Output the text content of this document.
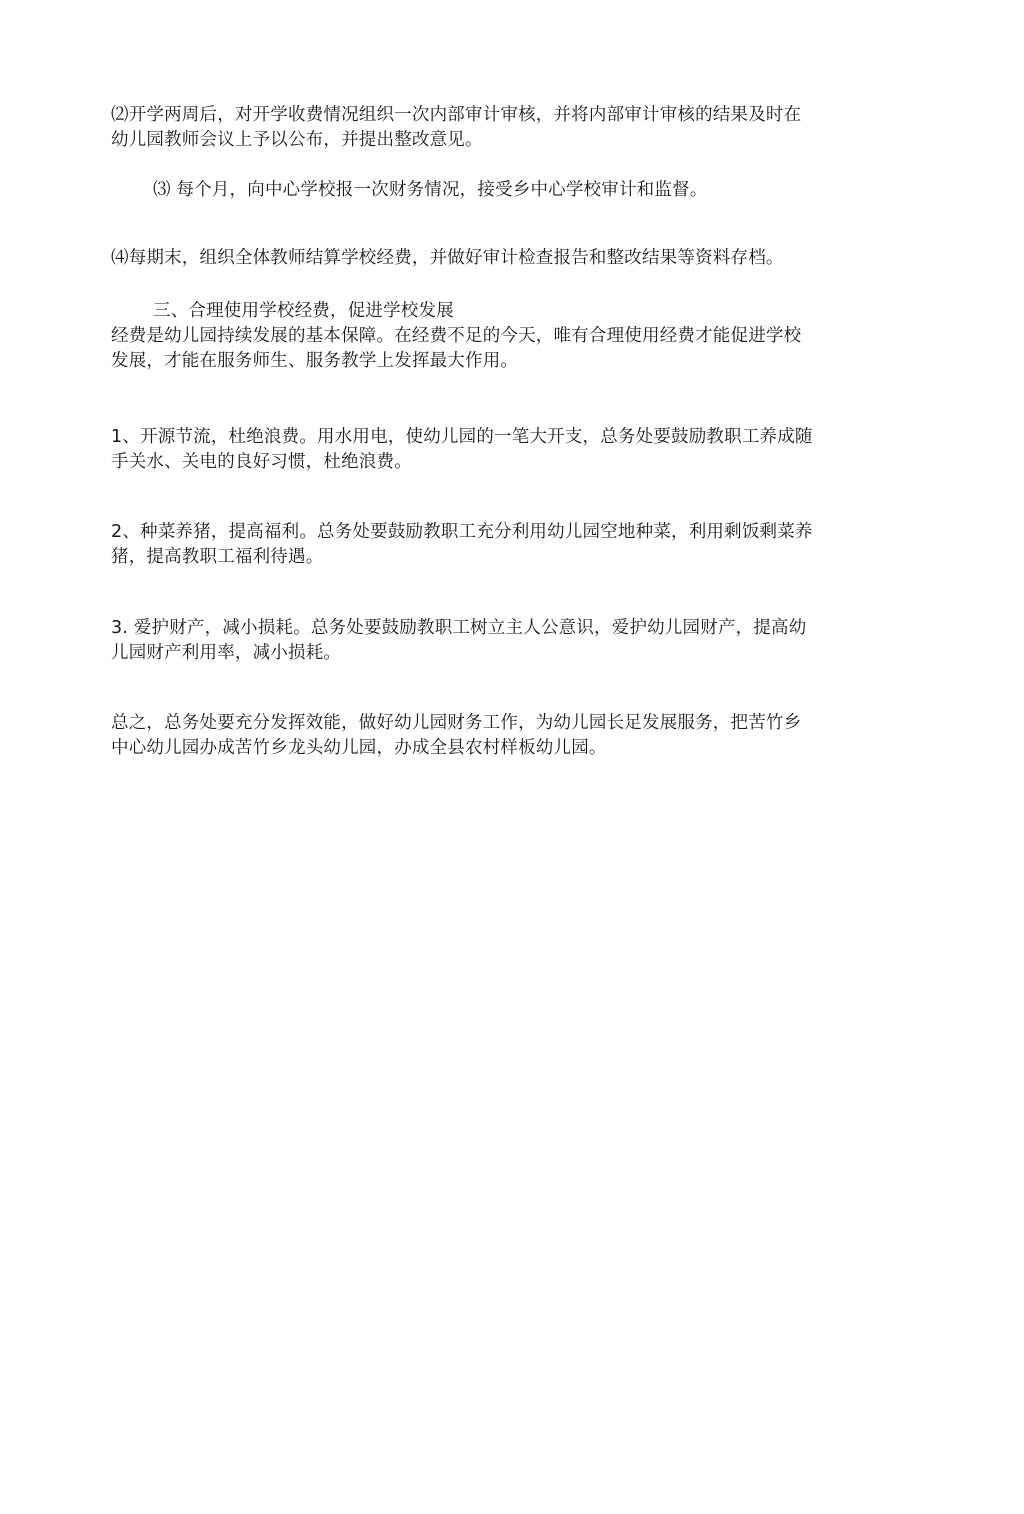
⑵开学两周后，对开学收费情况组织一次内部审计审核，并将内部审计审核的结果及时在
幼儿园教师会议上予以公布，并提出整改意见。

⑶ 每个月，向中心学校报一次财务情况，接受乡中心学校审计和监督。

⑷每期末，组织全体教师结算学校经费，并做好审计检查报告和整改结果等资料存档。

三、合理使用学校经费，促进学校发展
经费是幼儿园持续发展的基本保障。在经费不足的今天，唯有合理使用经费才能促进学校
发展，才能在服务师生、服务教学上发挥最大作用。

1、开源节流，杜绝浪费。用水用电，使幼儿园的一笔大开支，总务处要鼓励教职工养成随
手关水、关电的良好习惯，杜绝浪费。

2、种菜养猪，提高福利。总务处要鼓励教职工充分利用幼儿园空地种菜，利用剩饭剩菜养
猪，提高教职工福利待遇。

3. 爱护财产，减小损耗。总务处要鼓励教职工树立主人公意识，爱护幼儿园财产，提高幼
儿园财产利用率，减小损耗。

总之，总务处要充分发挥效能，做好幼儿园财务工作，为幼儿园长足发展服务，把苦竹乡
中心幼儿园办成苦竹乡龙头幼儿园，办成全县农村样板幼儿园。
